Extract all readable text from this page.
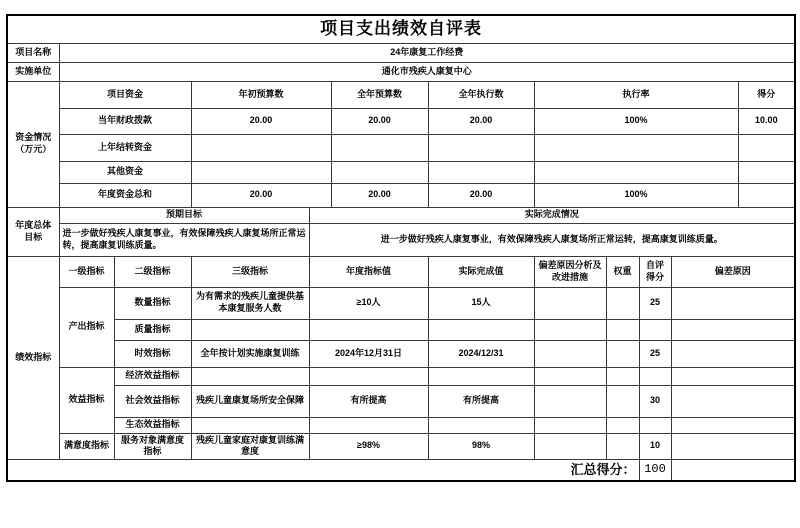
项目支出绩效自评表											
项目名称	24年康复工作经费										
实施单位	通化市残疾人康复中心										
资金情况（万元）	项目资金		年初预算数		全年预算数	全年执行数	执行率				得分
	当年财政拨款		20.00		20.00	20.00	100%				10.00
	上年结转资金										
	其他资金										
	年度资金总和		20.00		20.00	20.00	100%				
年度总体目标	预期目标			实际完成情况							
	进一步做好残疾人康复事业，有效保障残疾人康复场所正常运转，提高康复训练质量。			进一步做好残疾人康复事业，有效保障残疾人康复场所正常运转，提高康复训练质量。							
绩效指标	一级指标	二级指标	三级指标	年度指标值		实际完成值	偏差原因分析及改进措施	权重	自评得分	偏差原因	
	产出指标	数量指标	为有需求的残疾儿童提供基本康复服务人数	≥10人		15人			25		
		质量指标									
		时效指标	全年按计划实施康复训练	2024年12月31日		2024/12/31			25		
	效益指标	经济效益指标									
		社会效益指标	残疾儿童康复场所安全保障	有所提高		有所提高			30		
		生态效益指标									
	满意度指标	服务对象满意度指标	残疾儿童家庭对康复训练满意度	≥98%		98%			10		
汇总得分：									100		
